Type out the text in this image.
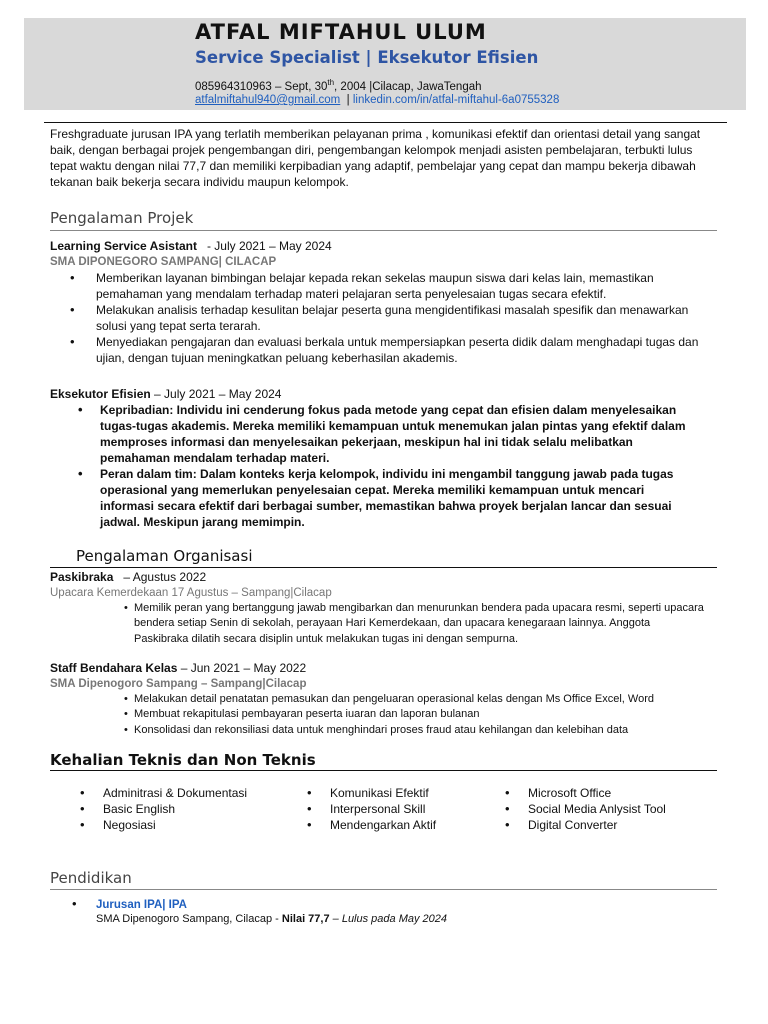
ATFAL MIFTAHUL ULUM
Service Specialist | Eksekutor Efisien
085964310963 – Sept, 30th, 2004 |Cilacap, JawaTengah
atfalmiftahul940@gmail.com  | linkedin.com/in/atfal-miftahul-6a0755328
Freshgraduate jurusan IPA yang terlatih memberikan pelayanan prima , komunikasi efektif dan orientasi detail yang sangat baik, dengan berbagai projek pengembangan diri, pengembangan kelompok menjadi asisten pembelajaran, terbukti lulus tepat waktu dengan nilai 77,7 dan memiliki kerpibadian yang adaptif, pembelajar yang cepat dan mampu bekerja dibawah tekanan baik bekerja secara individu maupun kelompok.
Pengalaman Projek
Learning Service Asistant   - July 2021 – May 2024
SMA DIPONEGORO SAMPANG| CILACAP
• Memberikan layanan bimbingan belajar kepada rekan sekelas maupun siswa dari kelas lain, memastikan pemahaman yang mendalam terhadap materi pelajaran serta penyelesaian tugas secara efektif.
• Melakukan analisis terhadap kesulitan belajar peserta guna mengidentifikasi masalah spesifik dan menawarkan solusi yang tepat serta terarah.
• Menyediakan pengajaran dan evaluasi berkala untuk mempersiapkan peserta didik dalam menghadapi tugas dan ujian, dengan tujuan meningkatkan peluang keberhasilan akademis.
Eksekutor Efisien – July 2021 – May 2024
• Kepribadian: Individu ini cenderung fokus pada metode yang cepat dan efisien dalam menyelesaikan tugas-tugas akademis. Mereka memiliki kemampuan untuk menemukan jalan pintas yang efektif dalam memproses informasi dan menyelesaikan pekerjaan, meskipun hal ini tidak selalu melibatkan pemahaman mendalam terhadap materi.
• Peran dalam tim: Dalam konteks kerja kelompok, individu ini mengambil tanggung jawab pada tugas operasional yang memerlukan penyelesaian cepat. Mereka memiliki kemampuan untuk mencari informasi secara efektif dari berbagai sumber, memastikan bahwa proyek berjalan lancar dan sesuai jadwal. Meskipun jarang memimpin.
Pengalaman Organisasi
Paskibraka   – Agustus 2022
Upacara Kemerdekaan 17 Agustus – Sampang|Cilacap
• Memilik peran yang bertanggung jawab mengibarkan dan menurunkan bendera pada upacara resmi, seperti upacara bendera setiap Senin di sekolah, perayaan Hari Kemerdekaan, dan upacara kenegaraan lainnya. Anggota Paskibraka dilatih secara disiplin untuk melakukan tugas ini dengan sempurna.
Staff Bendahara Kelas – Jun 2021 – May 2022
SMA Dipenogoro Sampang – Sampang|Cilacap
• Melakukan detail penatatan pemasukan dan pengeluaran operasional kelas dengan Ms Office Excel, Word
• Membuat rekapitulasi pembayaran peserta iuaran dan laporan bulanan
• Konsolidasi dan rekonsiliasi data untuk menghindari proses fraud atau kehilangan dan kelebihan data
Kehalian Teknis dan Non Teknis
• Adminitrasi & Dokumentasi
• Basic English
• Negosiasi
• Komunikasi Efektif
• Interpersonal Skill
• Mendengarkan Aktif
• Microsoft Office
• Social Media Anlysist Tool
• Digital Converter
Pendidikan
• Jurusan IPA| IPA
SMA Dipenogoro Sampang, Cilacap - Nilai 77,7 – Lulus pada May 2024
